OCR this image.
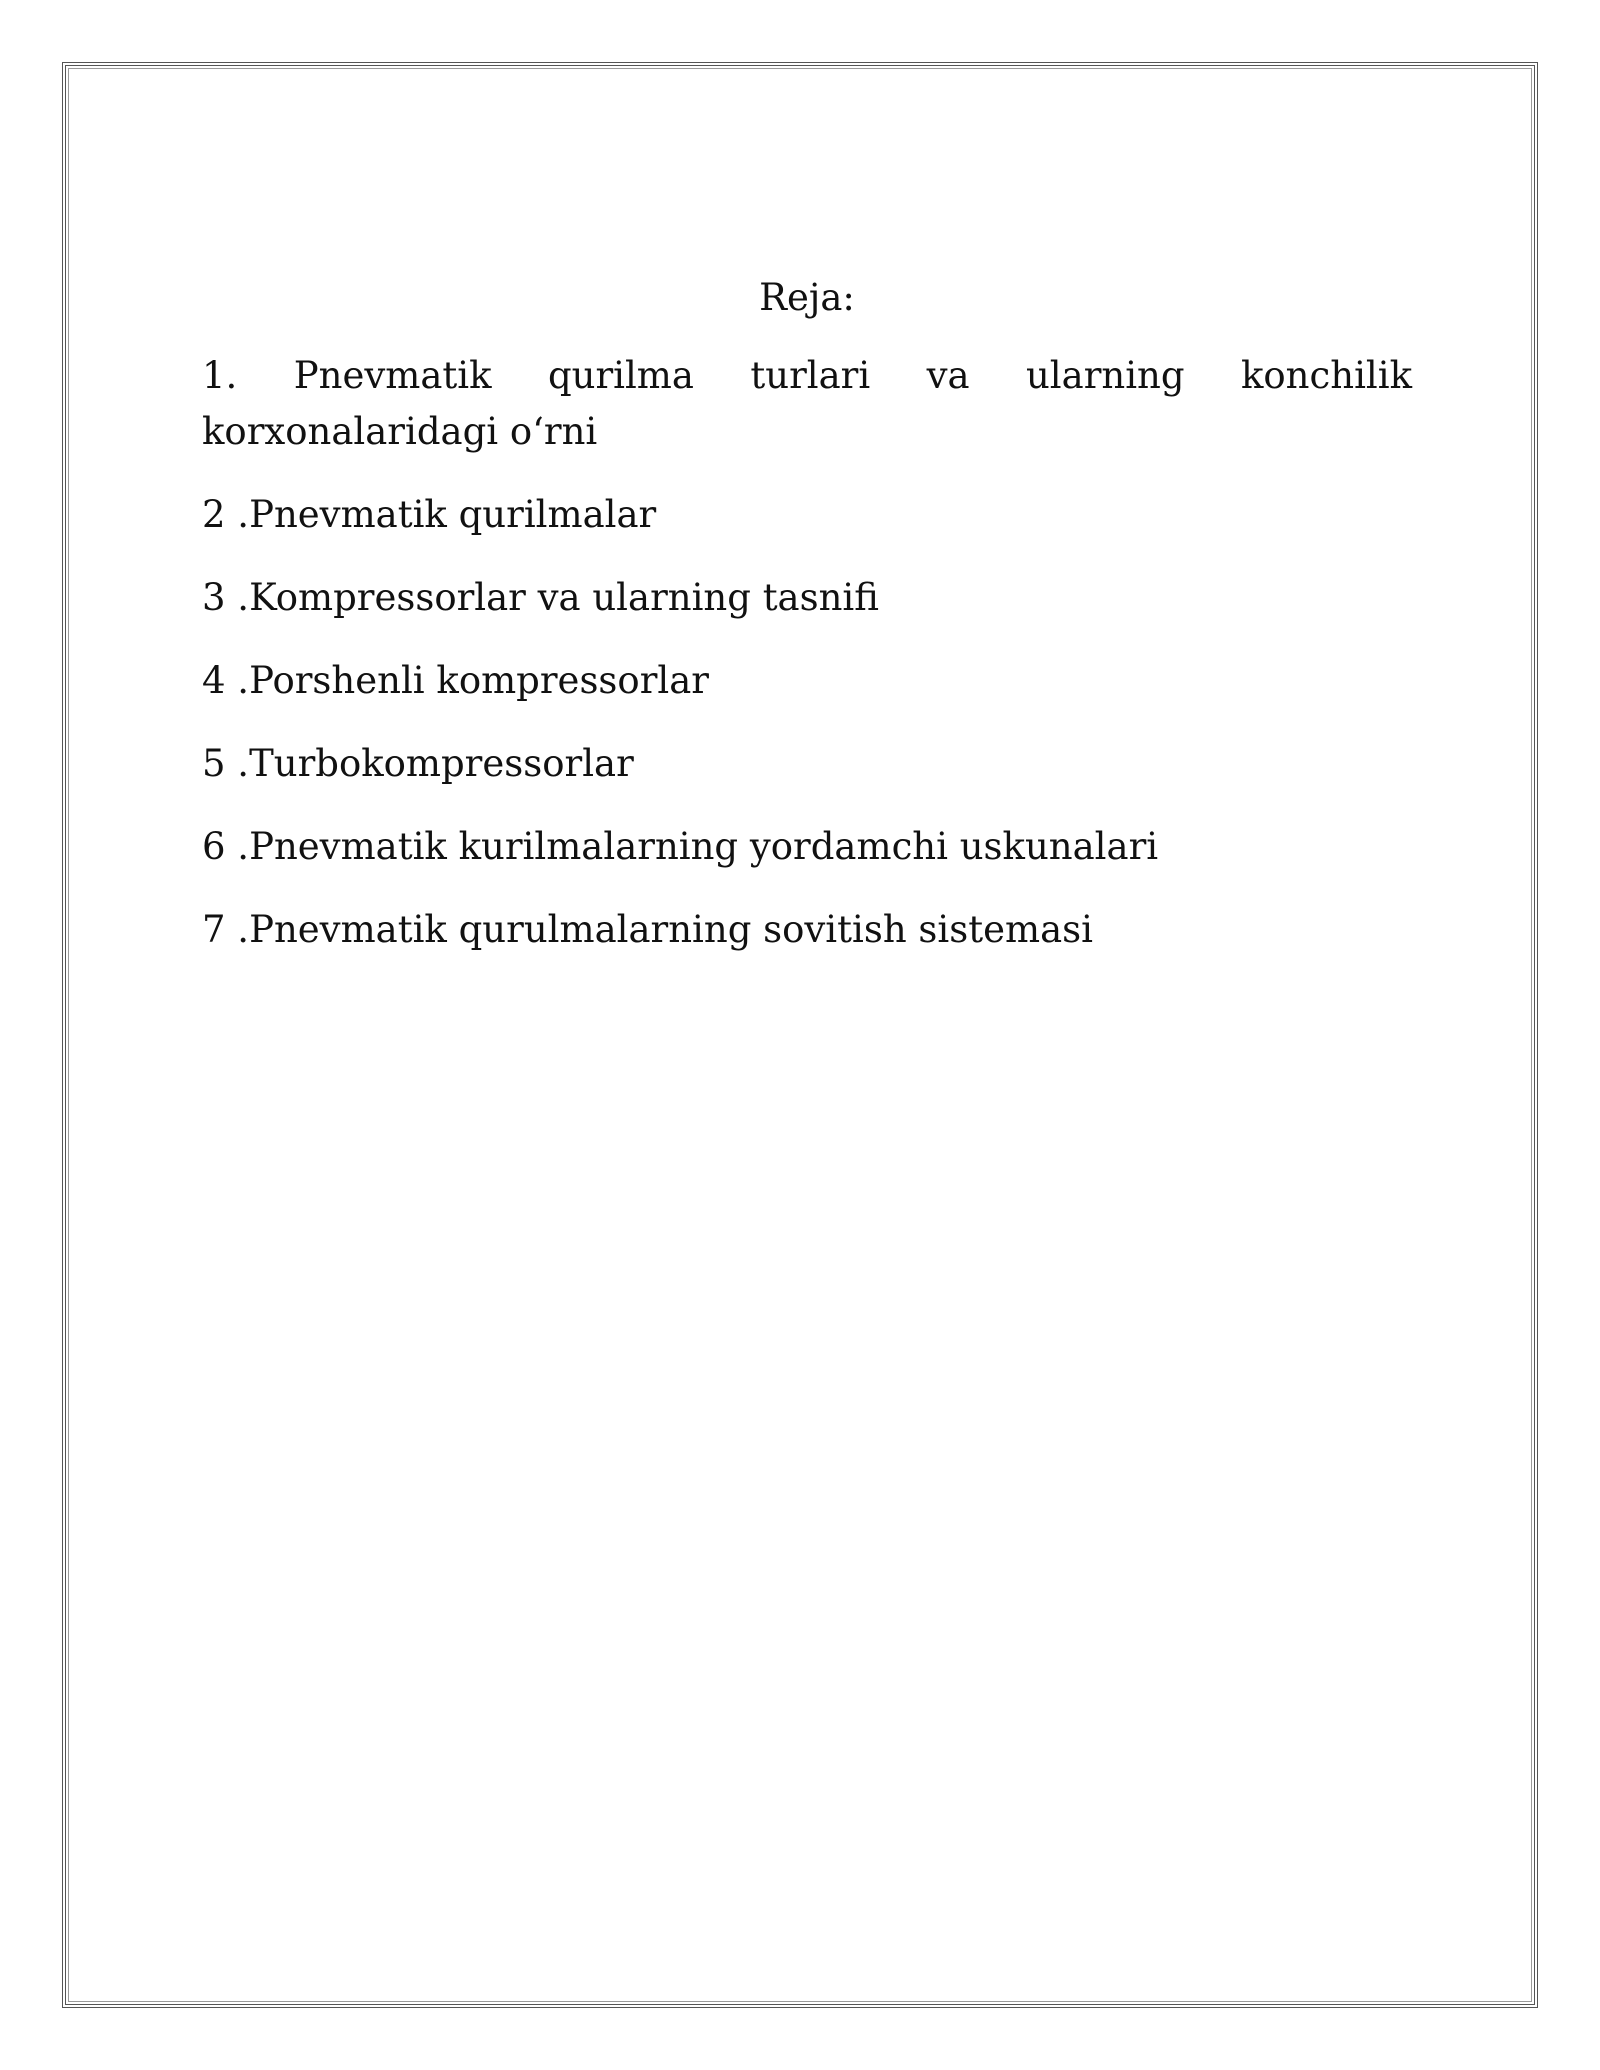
Reja:
1. Pnevmatik qurilma turlari va ularning konchilik korxonalaridagi o‘rni
2 .Pnevmatik qurilmalar
3 .Kompressorlar va ularning tasnifi
4 .Porshenli kompressorlar
5 .Turbokompressorlar
6 .Pnevmatik kurilmalarning yordamchi uskunalari
7 .Pnevmatik qurulmalarning sovitish sistemasi
